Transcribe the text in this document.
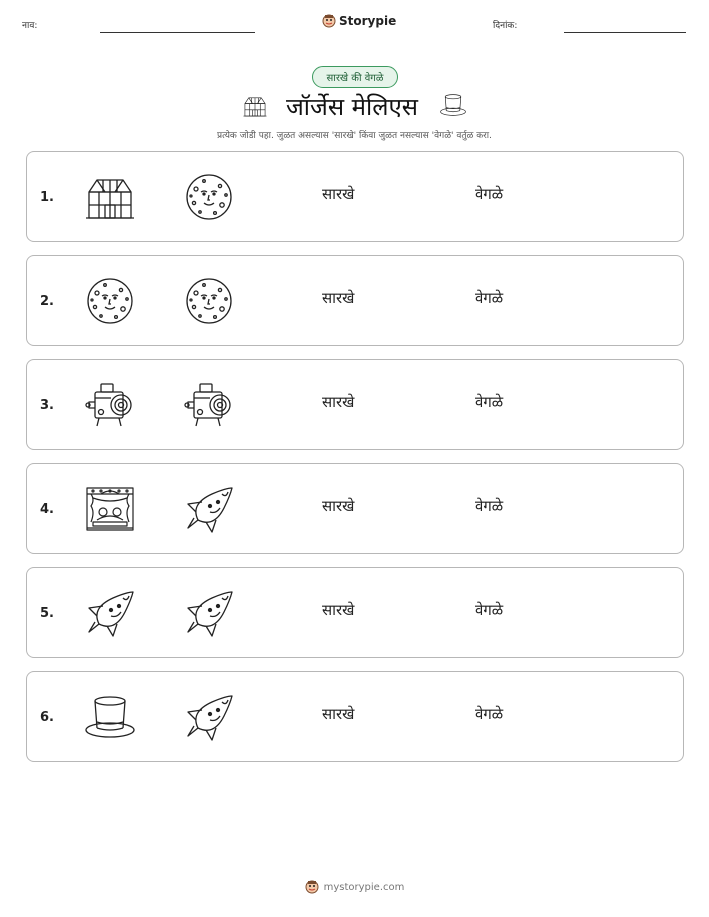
नाव:	Storypie	दिनांक:
सारखे की वेगळे
जॉर्जेस मेलिएस
प्रत्येक जोडी पहा. जुळत असल्यास 'सारखे' किंवा जुळत नसल्यास 'वेगळे' वर्तुळ करा.
1.	सारखे	वेगळे
2.	सारखे	वेगळे
3.	सारखे	वेगळे
4.	सारखे	वेगळे
5.	सारखे	वेगळे
6.	सारखे	वेगळे
mystorypie.com
